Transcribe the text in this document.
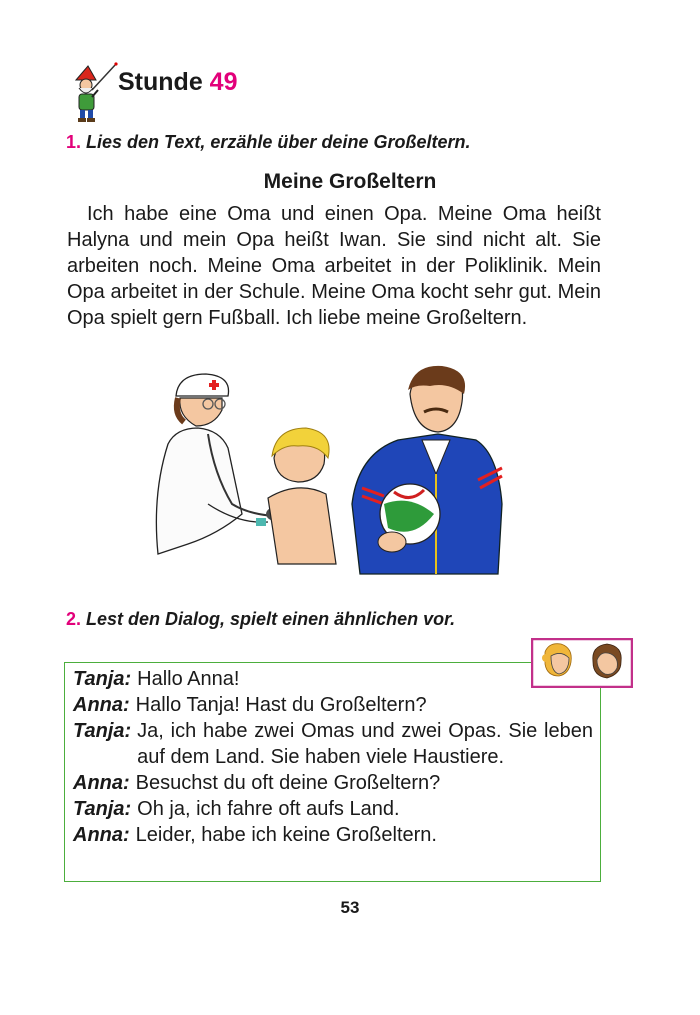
Stunde 49
1. Lies den Text, erzähle über deine Großeltern.
Meine Großeltern

 Ich habe eine Oma und einen Opa. Meine Oma heißt Halyna und mein Opa heißt Iwan. Sie sind nicht alt. Sie arbeiten noch. Meine Oma arbeitet in der Poliklinik. Mein Opa arbeitet in der Schule. Meine Oma kocht sehr gut. Mein Opa spielt gern Fußball. Ich liebe meine Großeltern.

2. Lest den Dialog, spielt einen ähnlichen vor.
Tanja: Hallo Anna!
Anna: Hallo Tanja! Hast du Großeltern?
Tanja: Ja, ich habe zwei Omas und zwei Opas. Sie leben auf dem Land. Sie haben viele Haustiere.
Anna: Besuchst du oft deine Großeltern?
Tanja: Oh ja, ich fahre oft aufs Land.
Anna: Leider, habe ich keine Großeltern.
53
